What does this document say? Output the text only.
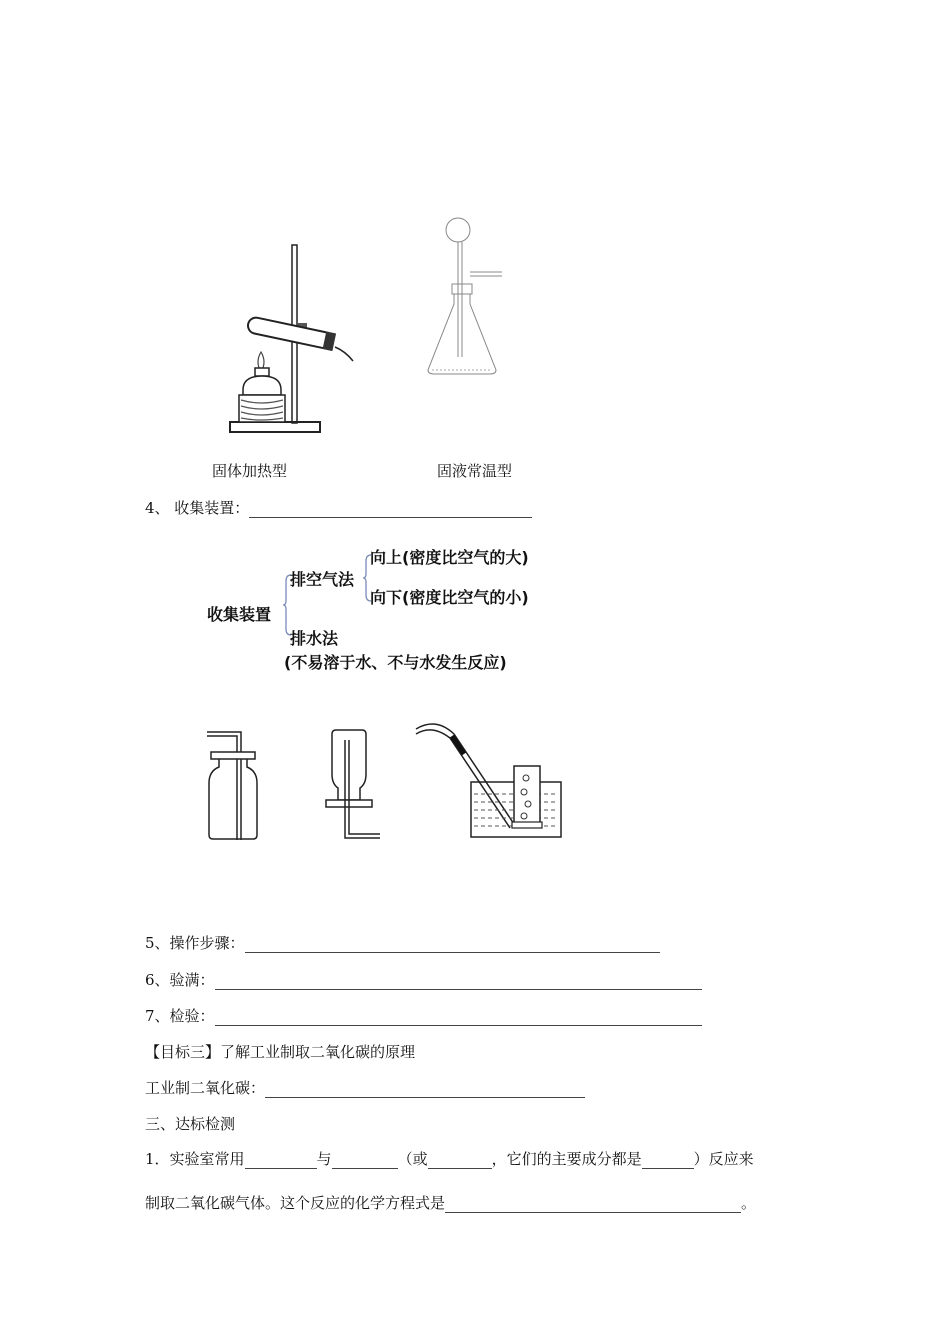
固体加热型	固液常温型
4、 收集装置：
收集装置
排空气法
向上(密度比空气的大)
向下(密度比空气的小)
排水法
(不易溶于水、不与水发生反应)
5、操作步骤：
6、验满：
7、检验：
【目标三】了解工业制取二氧化碳的原理
工业制二氧化碳：
三、达标检测
1．实验室常用	与	（或	，它们的主要成分都是	）反应来
制取二氧化碳气体。这个反应的化学方程式是	。
